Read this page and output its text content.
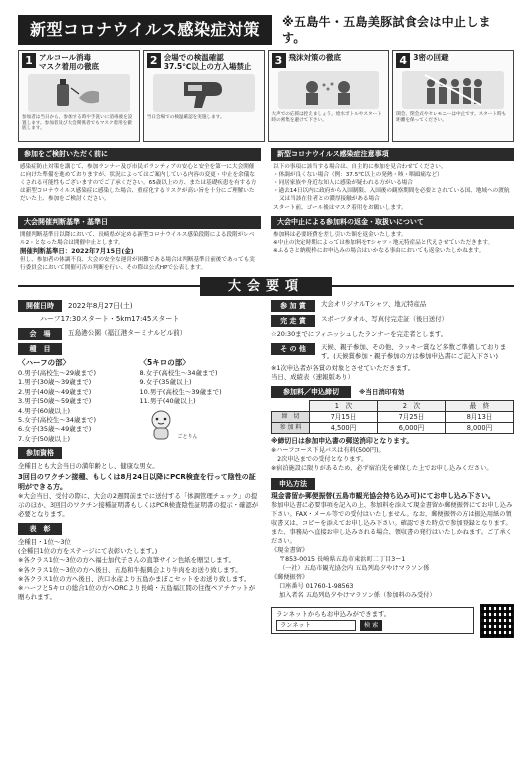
新型コロナウイルス感染症対策	※五島牛・五島美豚試食会は中止します。
1 アルコール消毒
マスク着用の徹底
参加者は当日から、参加する時や手洗いに消毒液を設置します。参加者及び大会関係者でもマスク着用を徹底します。
2 会場での検温確認
37.5℃以上の方入場禁止
当日会場での検温確認を実施します。
3 飛沫対策の徹底
大声での応援は控えましょう。給水ボトルやスタート時の密集を避けて下さい。
4 3密の回避
開会、閉会式やセレモニーは中止です。スタート時も距離を保ってください。
参加をご検討いただく前に
感染症防止対策を講じて、参加ランナー及び市民ボランティアの安心と安全を第一に大会開催に向けた準備を進めておりますが、状況によってはご案内している内容の変更・中止を余儀なくされる可能性もございますのでご了承ください。65歳以上の方、または基礎疾患を有する方は新型コロナウイルス感染症に感染した場合、重症化するリスクが高い旨を十分にご理解いただいた上、参加をご検討ください。
新型コロナウイルス感染症注意事項
以下の事項に該当する場合は、自主的に参加を見合わせてください。
・体調が良くない場合（例：37.5℃以上の発熱・咳・咽頭痛など）
・同居家族や身近な知人に感染が疑われる方がいる場合
・過去14日以内に政府から入国制限、入国後の観察期間を必要とされている国、地域への渡航又は当該在住者との濃厚接触がある場合
スタート前、ゴール後はマスク着用をお願いします。
大会開催判断基準・基準日
開催判断基準日以降において、長崎県が定める新型コロナウイルス感染段階による段階がレベル2・となった場合は開催中止とします。
開催判断基準日：2022年7月15日(金)
但し、参加者の体調不良、大会の安全な運営が困難である場合は判断基準日前後であっても実行委員会において開催可否の判断を行い、その際は公式HPで公表します。
大会中止による参加料の返金・取扱いについて
参加料は必要経費を差し引いた額を返金いたします。
※中止の決定時期によっては参加料をTシャツ・地元特産品と代えさせていただきます。
※ふるさと納税枠にお申込みの場合はいかなる事由においても返金いたしかねます。
大会要項
開催日時	2022年8月27日(土)
ハーフ17:30スタート・5km17:45スタート
会　場	五島港公園（福江港ターミナルビル前）
種　目
〈ハーフの部〉
0.男子(高校生〜29歳まで)
1.男子(30歳〜39歳まで)
2.男子(40歳〜49歳まで)
3.男子(50歳〜59歳まで)
4.男子(60歳以上)
5.女子(高校生〜34歳まで)
6.女子(35歳〜49歳まで)
7.女子(50歳以上)
〈5キロの部〉
8.女子(高校生〜34歳まで)
9.女子(35歳以上)
10.男子(高校生〜39歳まで)
11.男子(40歳以上)
ごとりん
参加資格
全種目とも大会当日の満年齢とし、健康な男女。
3回目のワクチン接種、もしくは8月24日以降にPCR検査を行って陰性の証明ができる方。
※大会当日、受付の際に、大会の2週間前までに送付する「体調管理チェック」の提示のほか、3回目のワクチン接種証明書もしくはPCR検査陰性証明書の提示・確認が必要となります。
表　彰
全種目・1位〜3位
(全種目1位の方をステージにて表彰いたします。)
※各クラス1位〜3位の方へ福士加代子さんの直筆サイン色紙を贈呈します。
※各クラス1位〜3位の方へ後日、五島和牛振興会より牛肉をお送り致します。
※各クラス1位の方へ後日、渋口水産より五島かまぼこセットをお送り致します。
※ハーフと5キロの総合1位の方へORCより長崎・五島福江間の往復ペアチケットが贈られます。
参 加 賞	大会オリジナルTシャツ、地元特産品
完 走 賞	スポーツタオル、写真付完走証（後日送付）
☆20:30までにフィニッシュしたランナーを完走者とします。
そ の 他	天候、親子参加、その他、ラッキー賞など多数ご準備しております。(天候賞参加・親子参加の方は参加申込書にご記入下さい)
※1次申込者が各賞の対象とさせていただきます。
当日、成績表（速報版あり）
参加料／申込締切	※当日消印有効
	1　次	2　次	最　終
締　切	7月15日	7月25日	8月13日
参 加 料	4,500円	6,000円	8,000円
※締切日は参加申込書の郵送消印となります。
※ハーフコース下見バスは有料(500円)。
　2次申込までの受付となります。
※宿泊施設に限りがあるため、必ず宿泊先を確保した上でお申し込みください。
申込方法
現金書留か郵便振替(五島市観光協会持ち込み可)にてお申し込み下さい。
参加申込書に必要事項を記入の上、参加料を添えて現金書留か郵便振替にてお申し込み下さい。FAX・メール等での受付はいたしません。なお、郵便振替の方は振込用紙の領収書又は、コピーを添えてお申し込み下さい。確認できた時点で参加登録となります。また、事務局へ直接お申し込みされる場合、領収書の発行はいたしかねます。ご了承ください。
《現金書留》
〒853-0015 長崎県五島市東浜町二丁目3ー1
（一社）五島市観光協会内 五島列島夕やけマラソン係
《郵便振替》
口座番号 01760-1-98563
加入者名 五島列島夕やけマラソン係（参加料のみ受付）
ランネットからもお申込みができます。
ランネット	検 索
